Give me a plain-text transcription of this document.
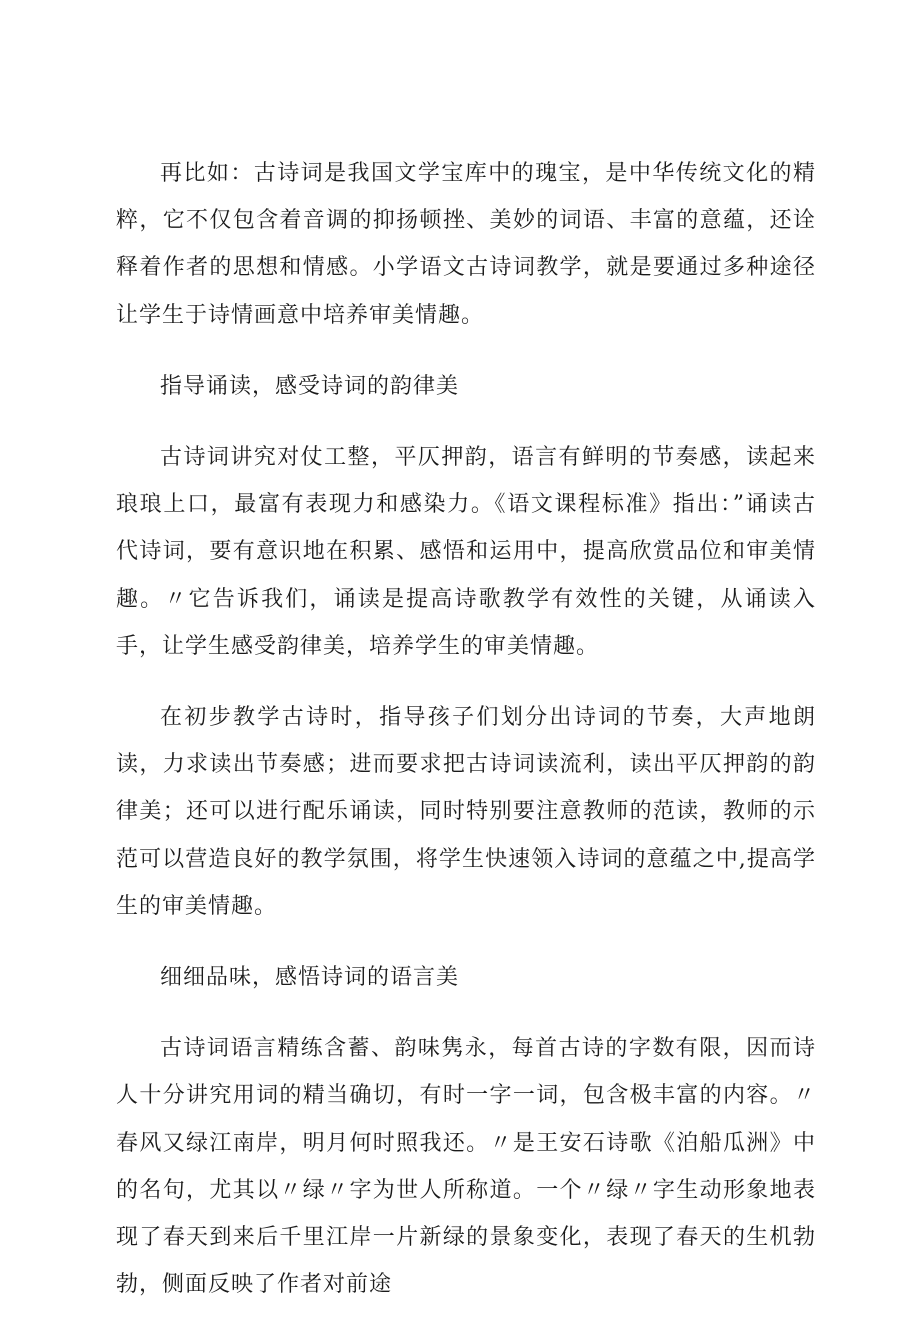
再比如：古诗词是我国文学宝库中的瑰宝，是中华传统文化的精粹，它不仅包含着音调的抑扬顿挫、美妙的词语、丰富的意蕴，还诠释着作者的思想和情感。小学语文古诗词教学，就是要通过多种途径让学生于诗情画意中培养审美情趣。

指导诵读，感受诗词的韵律美

古诗词讲究对仗工整，平仄押韵，语言有鲜明的节奏感，读起来琅琅上口，最富有表现力和感染力。《语文课程标准》指出：”诵读古代诗词，要有意识地在积累、感悟和运用中，提高欣赏品位和审美情趣。〃它告诉我们，诵读是提高诗歌教学有效性的关键，从诵读入手，让学生感受韵律美，培养学生的审美情趣。

在初步教学古诗时，指导孩子们划分出诗词的节奏，大声地朗读，力求读出节奏感；进而要求把古诗词读流利，读出平仄押韵的韵律美；还可以进行配乐诵读，同时特别要注意教师的范读，教师的示范可以营造良好的教学氛围，将学生快速领入诗词的意蕴之中,提高学生的审美情趣。

细细品味，感悟诗词的语言美

古诗词语言精练含蓄、韵味隽永，每首古诗的字数有限，因而诗人十分讲究用词的精当确切，有时一字一词，包含极丰富的内容。〃春风又绿江南岸，明月何时照我还。〃是王安石诗歌《泊船瓜洲》中的名句，尤其以〃绿〃字为世人所称道。一个〃绿〃字生动形象地表现了春天到来后千里江岸一片新绿的景象变化，表现了春天的生机勃勃，侧面反映了作者对前途
